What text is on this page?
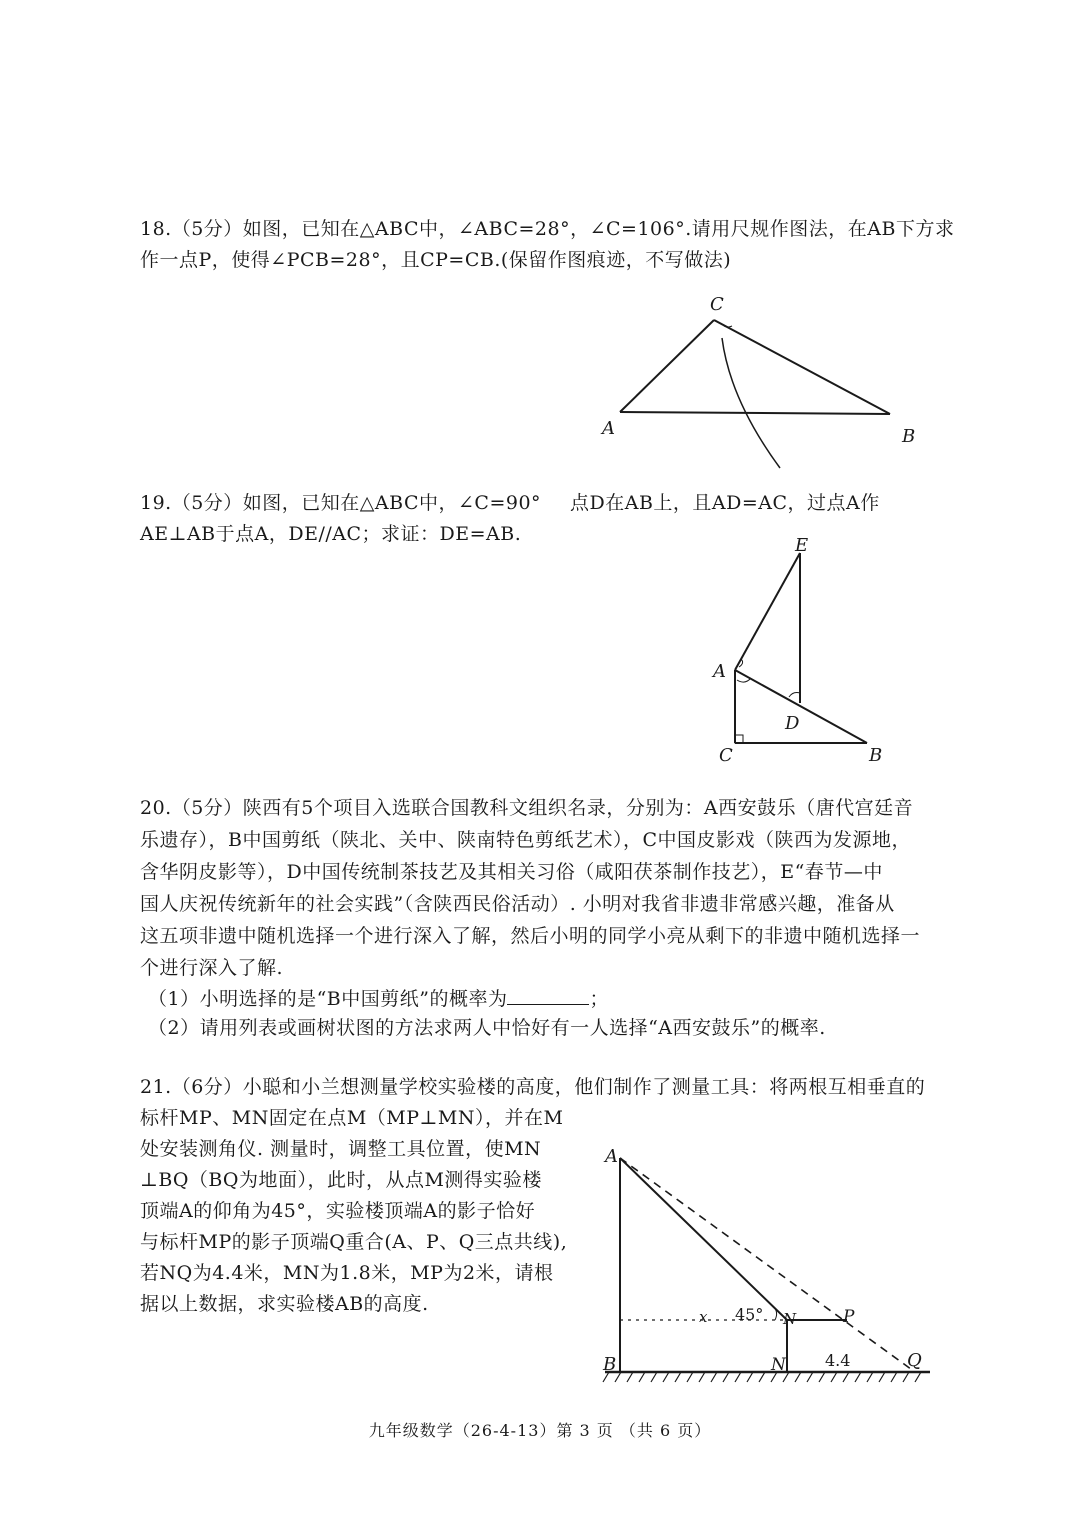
18.（5分）如图，已知在△ABC中，∠ABC=28°，∠C=106°.请用尺规作图法，在AB下方求
作一点P，使得∠PCB=28°，且CP=CB.(保留作图痕迹，不写做法)
C
A	B
19.（5分）如图，已知在△ABC中，∠C=90° 点D在AB上，且AD=AC，过点A作
AE⊥AB于点A，DE//AC；求证：DE=AB.
E
A
D
C	B
20.（5分）陕西有5个项目入选联合国教科文组织名录，分别为：A西安鼓乐（唐代宫廷音
乐遗存），B中国剪纸（陕北、关中、陕南特色剪纸艺术），C中国皮影戏（陕西为发源地，
含华阴皮影等），D中国传统制茶技艺及其相关习俗（咸阳茯茶制作技艺），E“春节—中
国人庆祝传统新年的社会实践”（含陕西民俗活动）. 小明对我省非遗非常感兴趣，准备从
这五项非遗中随机选择一个进行深入了解，然后小明的同学小亮从剩下的非遗中随机选择一
个进行深入了解.
（1）小明选择的是“B中国剪纸”的概率为	；
（2）请用列表或画树状图的方法求两人中恰好有一人选择“A西安鼓乐”的概率.
21.（6分）小聪和小兰想测量学校实验楼的高度，他们制作了测量工具：将两根互相垂直的
标杆MP、MN固定在点M（MP⊥MN），并在M
处安装测角仪. 测量时，调整工具位置，使MN
⊥BQ（BQ为地面），此时，从点M测得实验楼
顶端A的仰角为45°，实验楼顶端A的影子恰好
与标杆MP的影子顶端Q重合(A、P、Q三点共线),
若NQ为4.4米，MN为1.8米，MP为2米，请根
据以上数据，求实验楼AB的高度.
A
B	N
N	P
Q
45°
4.4
x
九年级数学（26-4-13）第 3 页 （共 6 页）
